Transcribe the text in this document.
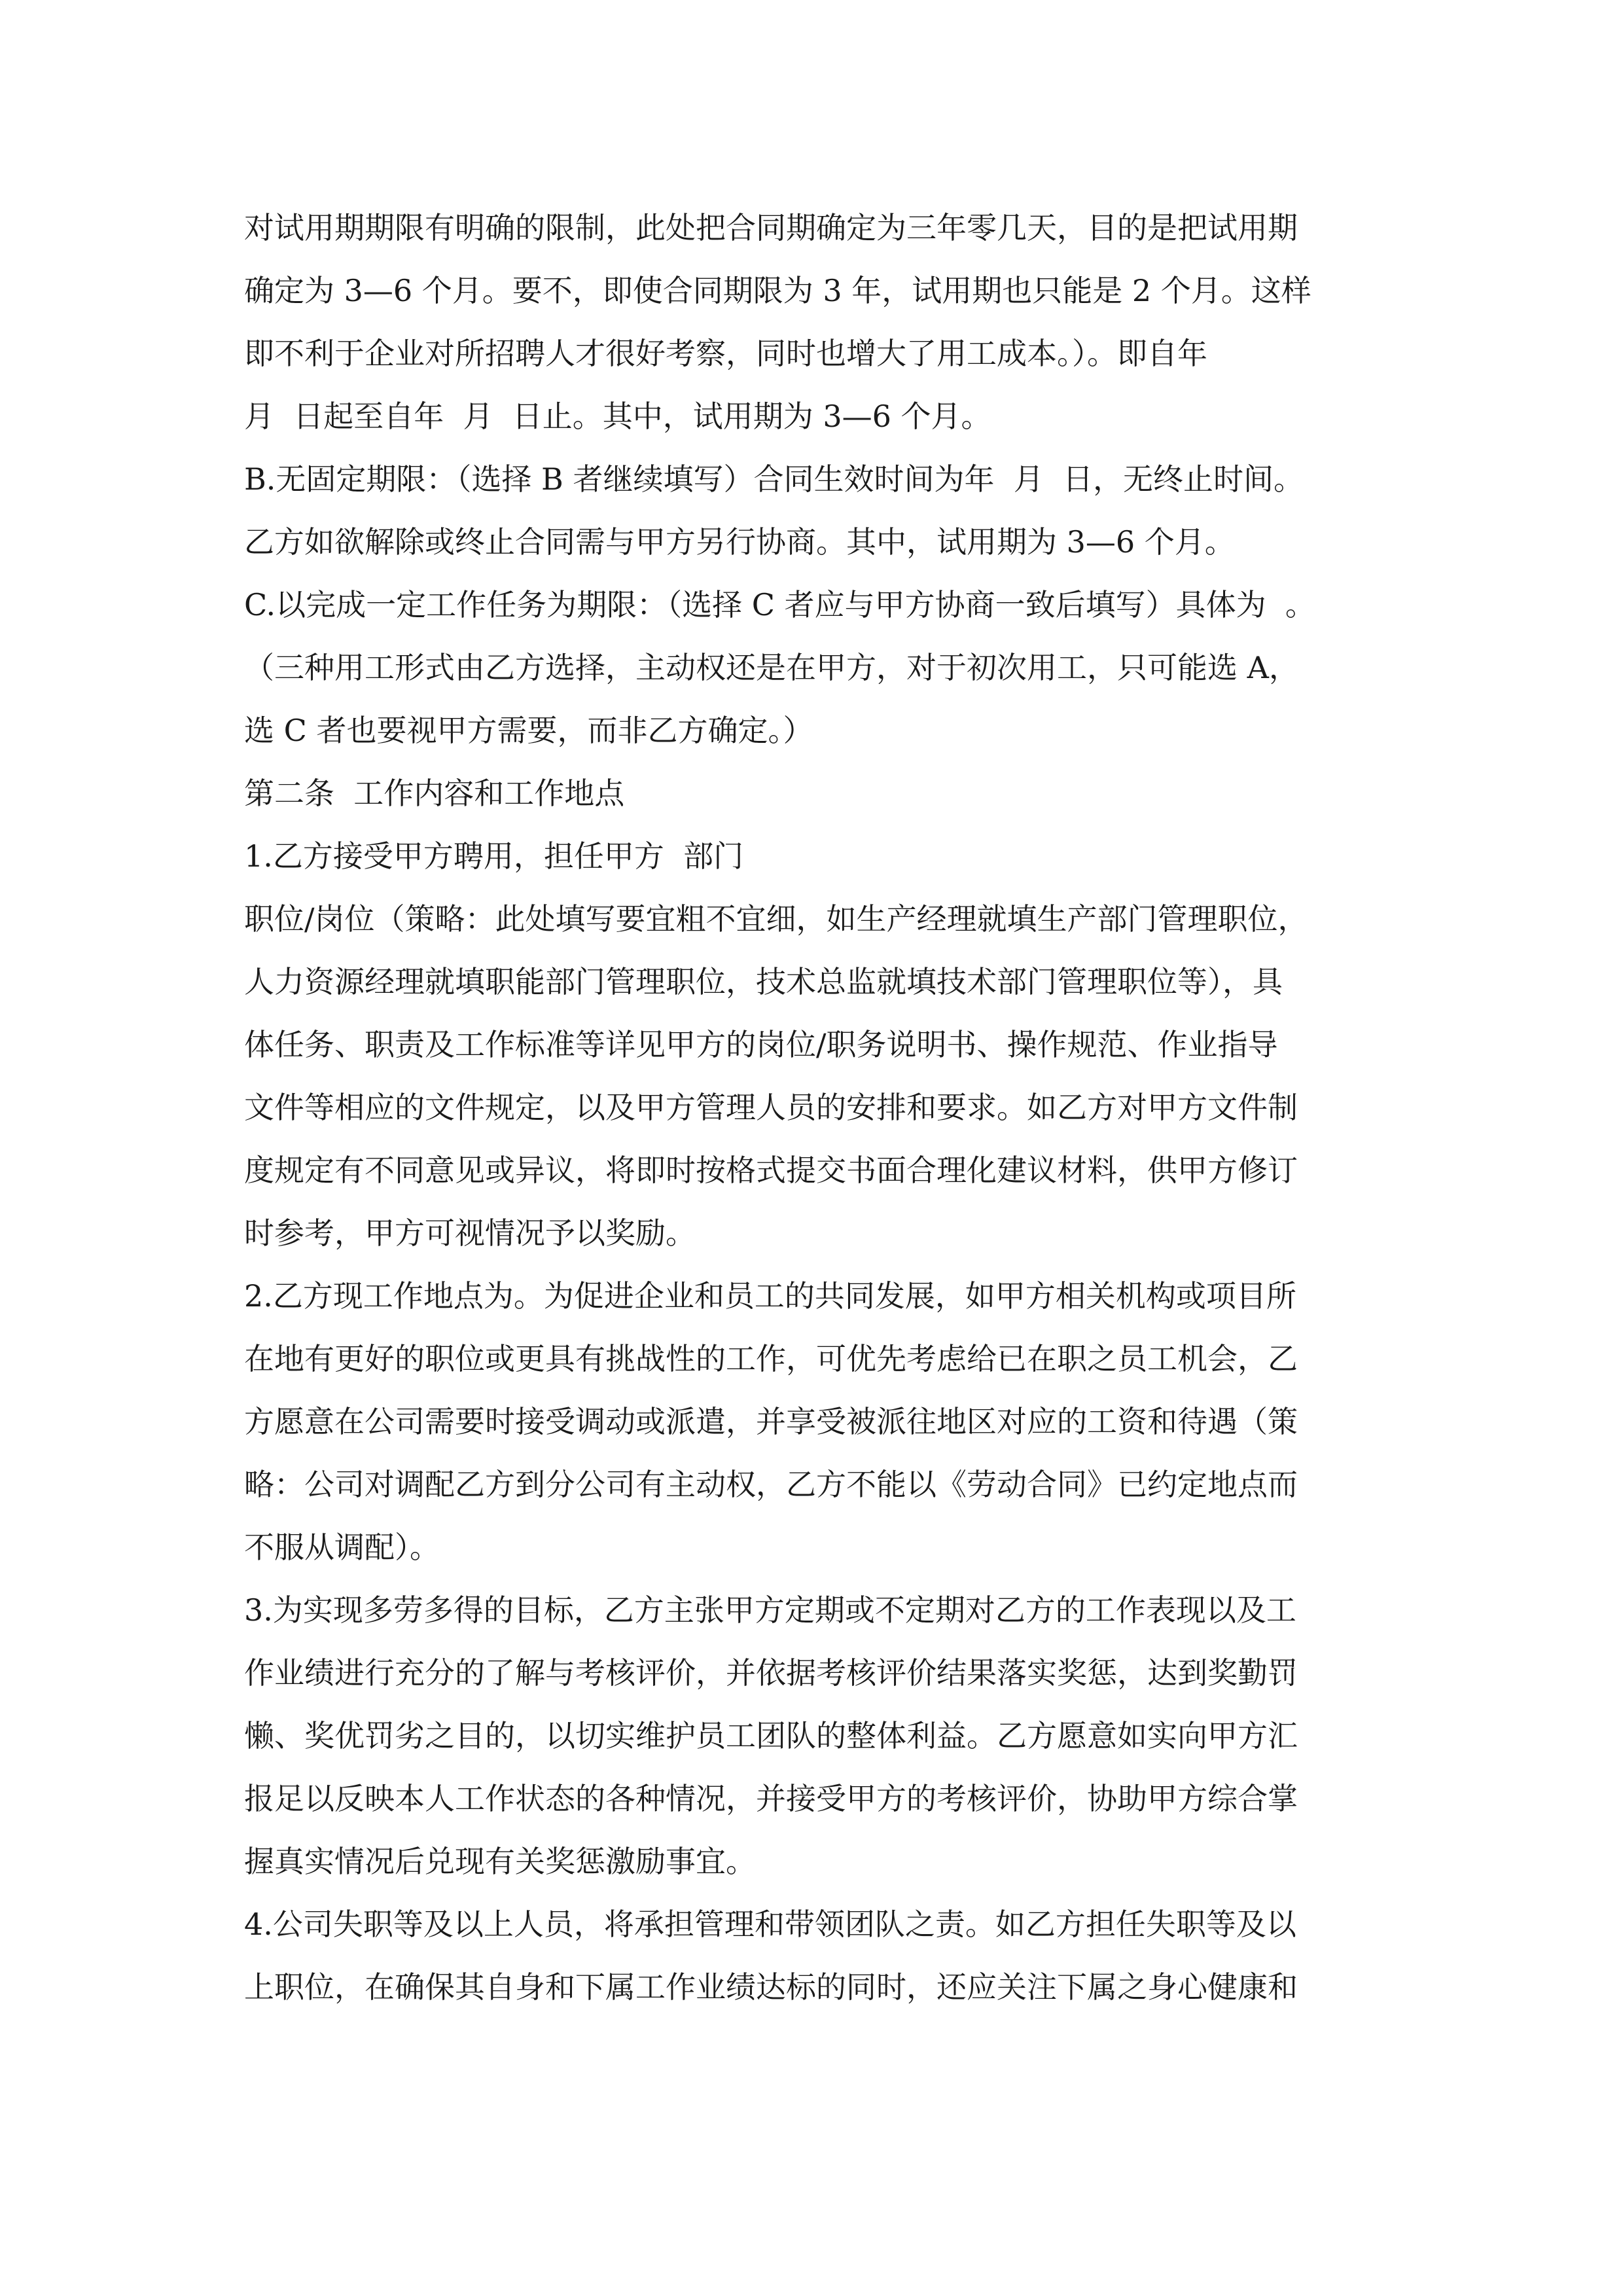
对试用期期限有明确的限制，此处把合同期确定为三年零几天，目的是把试用期
确定为 3—6 个月。要不，即使合同期限为 3 年，试用期也只能是 2 个月。这样
即不利于企业对所招聘人才很好考察，同时也增大了用工成本。）。即自年
月  日起至自年  月  日止。其中，试用期为 3—6 个月。
B.无固定期限：（选择 B 者继续填写）合同生效时间为年  月  日，无终止时间。
乙方如欲解除或终止合同需与甲方另行协商。其中，试用期为 3—6 个月。
C.以完成一定工作任务为期限：（选择 C 者应与甲方协商一致后填写）具体为  。
（三种用工形式由乙方选择，主动权还是在甲方，对于初次用工，只可能选 A，
选 C 者也要视甲方需要，而非乙方确定。）
第二条  工作内容和工作地点
1.乙方接受甲方聘用，担任甲方  部门
职位/岗位（策略：此处填写要宜粗不宜细，如生产经理就填生产部门管理职位，
人力资源经理就填职能部门管理职位，技术总监就填技术部门管理职位等），具
体任务、职责及工作标准等详见甲方的岗位/职务说明书、操作规范、作业指导
文件等相应的文件规定，以及甲方管理人员的安排和要求。如乙方对甲方文件制
度规定有不同意见或异议，将即时按格式提交书面合理化建议材料，供甲方修订
时参考，甲方可视情况予以奖励。
2.乙方现工作地点为。为促进企业和员工的共同发展，如甲方相关机构或项目所
在地有更好的职位或更具有挑战性的工作，可优先考虑给已在职之员工机会，乙
方愿意在公司需要时接受调动或派遣，并享受被派往地区对应的工资和待遇（策
略：公司对调配乙方到分公司有主动权，乙方不能以《劳动合同》已约定地点而
不服从调配）。
3.为实现多劳多得的目标，乙方主张甲方定期或不定期对乙方的工作表现以及工
作业绩进行充分的了解与考核评价，并依据考核评价结果落实奖惩，达到奖勤罚
懒、奖优罚劣之目的，以切实维护员工团队的整体利益。乙方愿意如实向甲方汇
报足以反映本人工作状态的各种情况，并接受甲方的考核评价，协助甲方综合掌
握真实情况后兑现有关奖惩激励事宜。
4.公司失职等及以上人员，将承担管理和带领团队之责。如乙方担任失职等及以
上职位，在确保其自身和下属工作业绩达标的同时，还应关注下属之身心健康和
